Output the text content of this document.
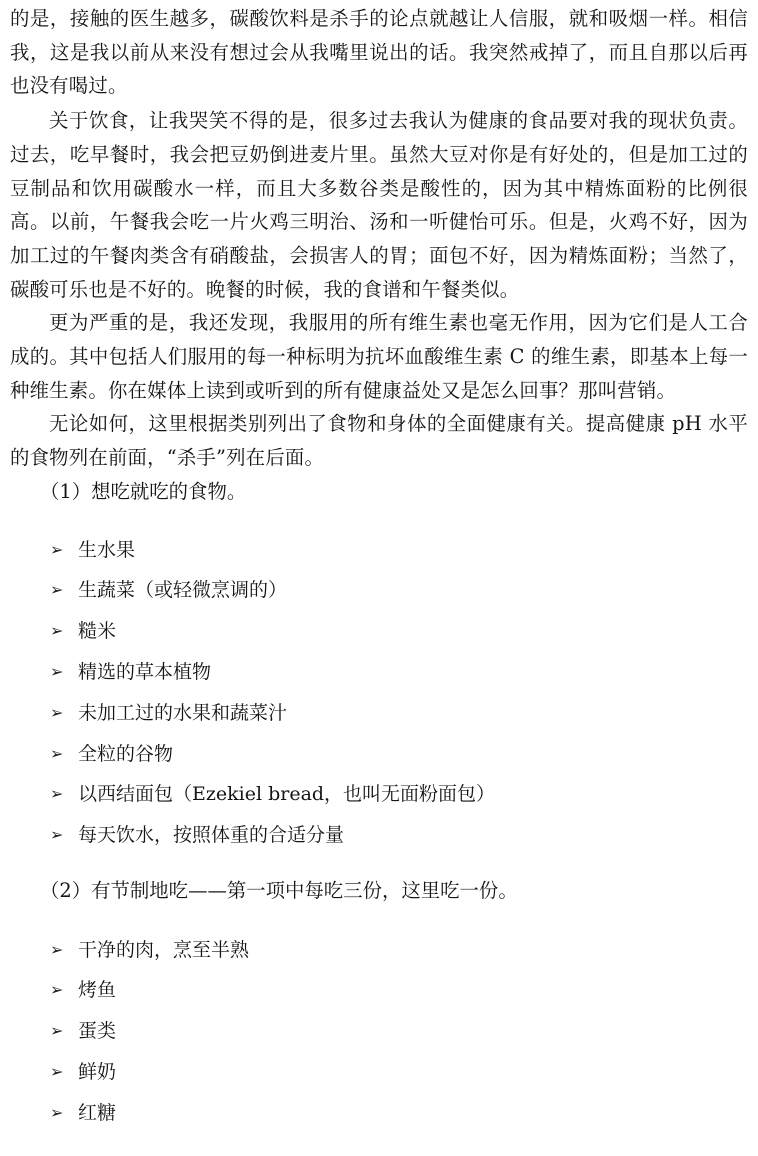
的是，接触的医生越多，碳酸饮料是杀手的论点就越让人信服，就和吸烟一样。相信我，这是我以前从来没有想过会从我嘴里说出的话。我突然戒掉了，而且自那以后再也没有喝过。

关于饮食，让我哭笑不得的是，很多过去我认为健康的食品要对我的现状负责。过去，吃早餐时，我会把豆奶倒进麦片里。虽然大豆对你是有好处的，但是加工过的豆制品和饮用碳酸水一样，而且大多数谷类是酸性的，因为其中精炼面粉的比例很高。以前，午餐我会吃一片火鸡三明治、汤和一听健怡可乐。但是，火鸡不好，因为加工过的午餐肉类含有硝酸盐，会损害人的胃；面包不好，因为精炼面粉；当然了，碳酸可乐也是不好的。晚餐的时候，我的食谱和午餐类似。

更为严重的是，我还发现，我服用的所有维生素也毫无作用，因为它们是人工合成的。其中包括人们服用的每一种标明为抗坏血酸维生素 C 的维生素，即基本上每一种维生素。你在媒体上读到或听到的所有健康益处又是怎么回事？那叫营销。

无论如何，这里根据类别列出了食物和身体的全面健康有关。提高健康 pH 水平的食物列在前面，“杀手”列在后面。

（1）想吃就吃的食物。

➢ 生水果
➢ 生蔬菜（或轻微烹调的）
➢ 糙米
➢ 精选的草本植物
➢ 未加工过的水果和蔬菜汁
➢ 全粒的谷物
➢ 以西结面包（Ezekiel bread，也叫无面粉面包）
➢ 每天饮水，按照体重的合适分量

（2）有节制地吃——第一项中每吃三份，这里吃一份。

➢ 干净的肉，烹至半熟
➢ 烤鱼
➢ 蛋类
➢ 鲜奶
➢ 红糖
